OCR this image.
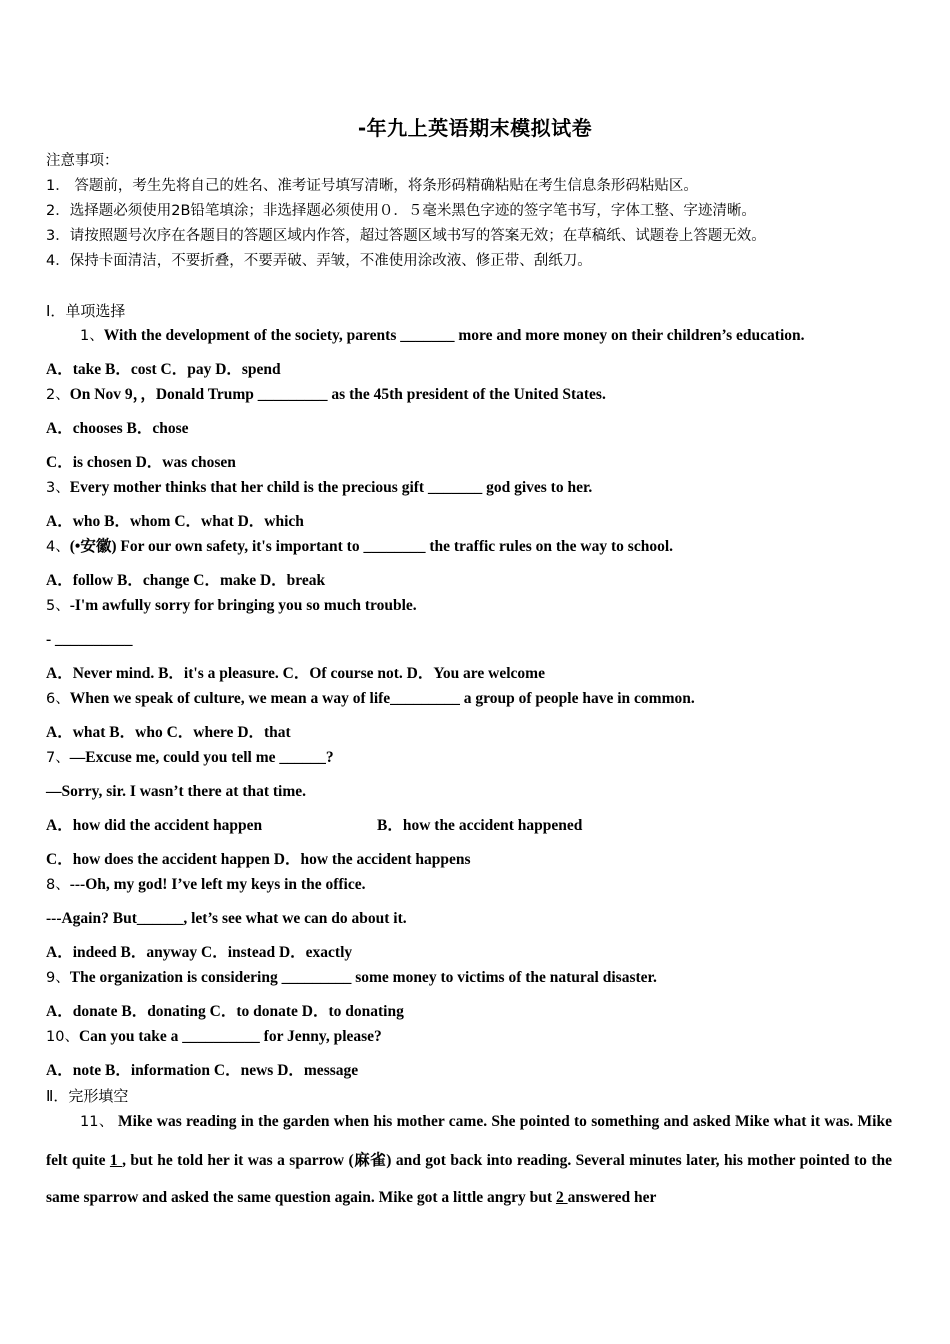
-年九上英语期末模拟试卷
注意事项：
1． 答题前，考生先将自己的姓名、准考证号填写清晰，将条形码精确粘贴在考生信息条形码粘贴区。
2．选择题必须使用2B铅笔填涂；非选择题必须使用０．５毫米黑色字迹的签字笔书写，字体工整、字迹清晰。
3．请按照题号次序在各题目的答题区域内作答，超过答题区域书写的答案无效；在草稿纸、试题卷上答题无效。
4．保持卡面清洁，不要折叠，不要弄破、弄皱，不准使用涂改液、修正带、刮纸刀。
Ⅰ．单项选择
1、With the development of the society, parents _______ more and more money on their children’s education.
A．take B．cost C．pay D．spend
2、On Nov 9，，Donald Trump _________ as the 45th president of the United States.
A．chooses B．chose
C．is chosen D．was chosen
3、Every mother thinks that her child is the precious gift _______ god gives to her.
A．who B．whom C．what D．which
4、(•安徽) For our own safety, it's important to ________ the traffic rules on the way to school.
A．follow B．change C．make D．break
5、-I'm awfully sorry for bringing you so much trouble.
- __________
A．Never mind. B．it's a pleasure. C．Of course not. D．You are welcome
6、When we speak of culture, we mean a way of life_________ a group of people have in common.
A．what B．who C．where D．that
7、—Excuse me, could you tell me ______?
—Sorry, sir. I wasn’t there at that time.
A．how did the accident happen	B．how the accident happened
C．how does the accident happen D．how the accident happens
8、---Oh, my god! I’ve left my keys in the office.
---Again? But______, let’s see what we can do about it.
A．indeed B．anyway C．instead D．exactly
9、The organization is considering _________ some money to victims of the natural disaster.
A．donate B．donating C．to donate D．to donating
10、Can you take a __________ for Jenny, please?
A．note B．information C．news D．message
Ⅱ．完形填空
11、 Mike was reading in the garden when his mother came. She pointed to something and asked Mike what it was. Mike felt quite 1 , but he told her it was a sparrow (麻雀) and got back into reading. Several minutes later, his mother pointed to the same sparrow and asked the same question again. Mike got a little angry but 2 answered her
